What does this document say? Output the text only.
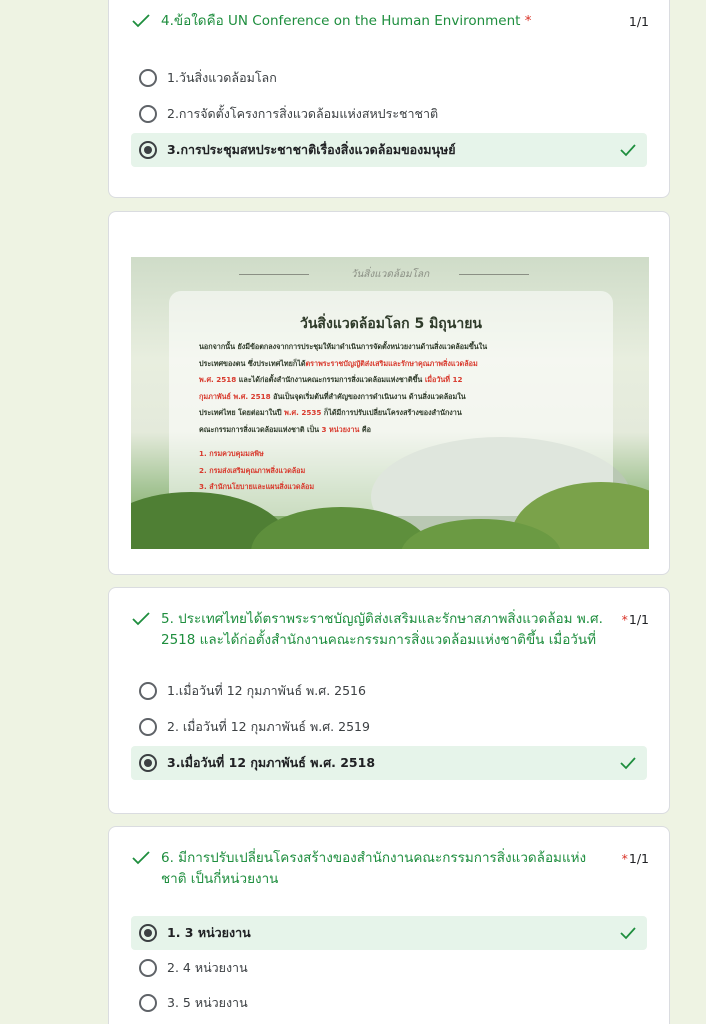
4.ข้อใดคือ UN Conference on the Human Environment *	1/1
1.วันสิ่งแวดล้อมโลก
2.การจัดตั้งโครงการสิ่งแวดล้อมแห่งสหประชาชาติ
3.การประชุมสหประชาชาติเรื่องสิ่งแวดล้อมของมนุษย์
วันสิ่งแวดล้อมโลก
วันสิ่งแวดล้อมโลก 5 มิถุนายน
นอกจากนั้น ยังมีข้อตกลงจากการประชุมให้มาดำเนินการจัดตั้งหน่วยงานด้านสิ่งแวดล้อมขึ้นใน
ประเทศของตน ซึ่งประเทศไทยก็ได้ตราพระราชบัญญัติส่งเสริมและรักษาคุณภาพสิ่งแวดล้อม
พ.ศ. 2518 และได้ก่อตั้งสำนักงานคณะกรรมการสิ่งแวดล้อมแห่งชาติขึ้น เมื่อวันที่ 12
กุมภาพันธ์ พ.ศ. 2518 อันเป็นจุดเริ่มต้นที่สำคัญของการดำเนินงาน ด้านสิ่งแวดล้อมใน
ประเทศไทย โดยต่อมาในปี พ.ศ. 2535 ก็ได้มีการปรับเปลี่ยนโครงสร้างของสำนักงาน
คณะกรรมการสิ่งแวดล้อมแห่งชาติ เป็น 3 หน่วยงาน คือ
1. กรมควบคุมมลพิษ
2. กรมส่งเสริมคุณภาพสิ่งแวดล้อม
3. สำนักนโยบายและแผนสิ่งแวดล้อม
5. ประเทศไทยได้ตราพระราชบัญญัติส่งเสริมและรักษาสภาพสิ่งแวดล้อม พ.ศ. 2518 และได้ก่อตั้งสำนักงานคณะกรรมการสิ่งแวดล้อมแห่งชาติขึ้น เมื่อวันที่
*1/1
1.เมื่อวันที่ 12 กุมภาพันธ์ พ.ศ. 2516
2. เมื่อวันที่ 12 กุมภาพันธ์ พ.ศ. 2519
3.เมื่อวันที่ 12 กุมภาพันธ์ พ.ศ. 2518
6. มีการปรับเปลี่ยนโครงสร้างของสำนักงานคณะกรรมการสิ่งแวดล้อมแห่งชาติ เป็นกี่หน่วยงาน
*1/1
1. 3 หน่วยงาน
2. 4 หน่วยงาน
3. 5 หน่วยงาน
